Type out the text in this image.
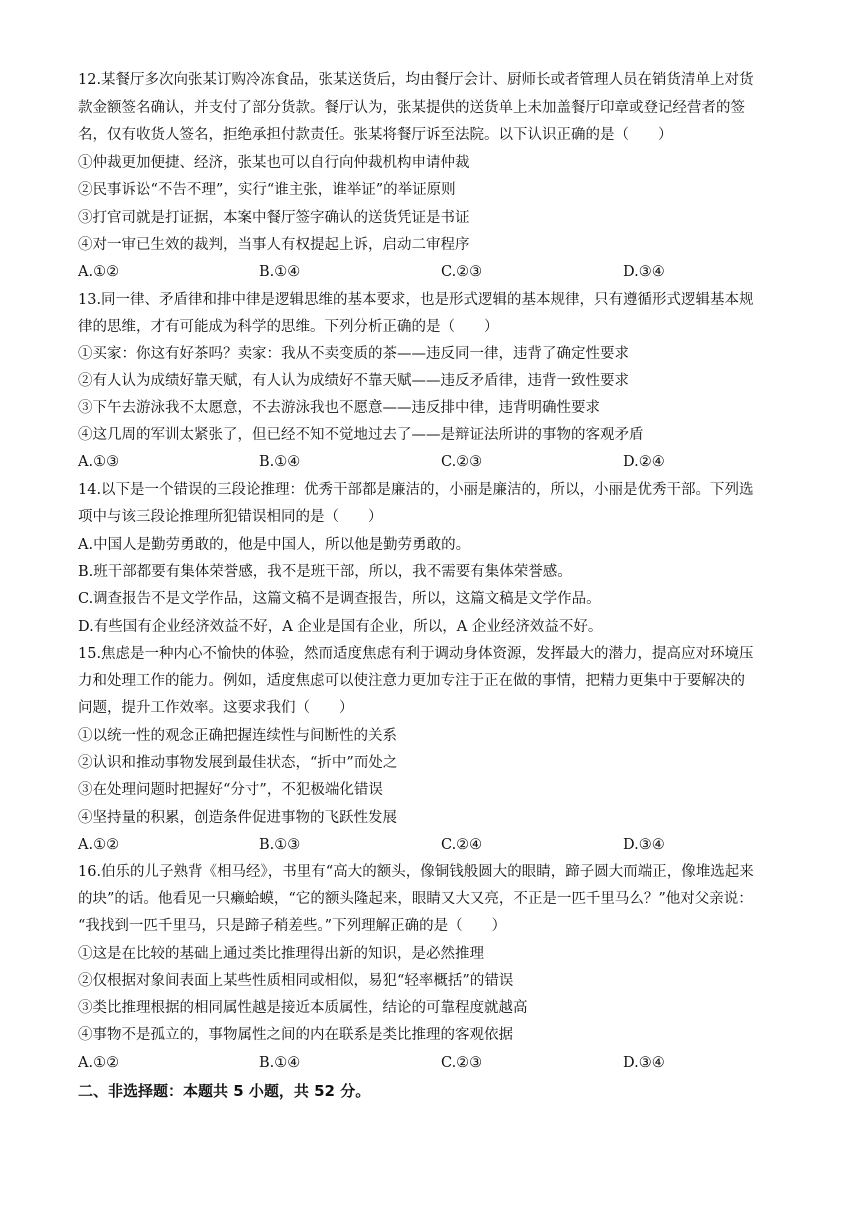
12.某餐厅多次向张某订购冷冻食品，张某送货后，均由餐厅会计、厨师长或者管理人员在销货清单上对货
款金额签名确认，并支付了部分货款。餐厅认为，张某提供的送货单上未加盖餐厅印章或登记经营者的签
名，仅有收货人签名，拒绝承担付款责任。张某将餐厅诉至法院。以下认识正确的是（　　）
①仲裁更加便捷、经济，张某也可以自行向仲裁机构申请仲裁
②民事诉讼“不告不理”，实行“谁主张，谁举证”的举证原则
③打官司就是打证据，本案中餐厅签字确认的送货凭证是书证
④对一审已生效的裁判，当事人有权提起上诉，启动二审程序
A.①②	B.①④	C.②③	D.③④
13.同一律、矛盾律和排中律是逻辑思维的基本要求，也是形式逻辑的基本规律，只有遵循形式逻辑基本规
律的思维，才有可能成为科学的思维。下列分析正确的是（　　）
①买家：你这有好茶吗？卖家：我从不卖变质的茶——违反同一律，违背了确定性要求
②有人认为成绩好靠天赋，有人认为成绩好不靠天赋——违反矛盾律，违背一致性要求
③下午去游泳我不太愿意，不去游泳我也不愿意——违反排中律，违背明确性要求
④这几周的军训太紧张了，但已经不知不觉地过去了——是辩证法所讲的事物的客观矛盾
A.①③	B.①④	C.②③	D.②④
14.以下是一个错误的三段论推理：优秀干部都是廉洁的，小丽是廉洁的，所以，小丽是优秀干部。下列选
项中与该三段论推理所犯错误相同的是（　　）
A.中国人是勤劳勇敢的，他是中国人，所以他是勤劳勇敢的。
B.班干部都要有集体荣誉感，我不是班干部，所以，我不需要有集体荣誉感。
C.调查报告不是文学作品，这篇文稿不是调查报告，所以，这篇文稿是文学作品。
D.有些国有企业经济效益不好，A 企业是国有企业，所以，A 企业经济效益不好。
15.焦虑是一种内心不愉快的体验，然而适度焦虑有利于调动身体资源，发挥最大的潜力，提高应对环境压
力和处理工作的能力。例如，适度焦虑可以使注意力更加专注于正在做的事情，把精力更集中于要解决的
问题，提升工作效率。这要求我们（　　）
①以统一性的观念正确把握连续性与间断性的关系
②认识和推动事物发展到最佳状态，“折中”而处之
③在处理问题时把握好“分寸”，不犯极端化错误
④坚持量的积累，创造条件促进事物的飞跃性发展
A.①②	B.①③	C.②④	D.③④
16.伯乐的儿子熟背《相马经》，书里有“高大的额头，像铜钱般圆大的眼睛，蹄子圆大而端正，像堆选起来
的块”的话。他看见一只癞蛤蟆，“它的额头隆起来，眼睛又大又亮，不正是一匹千里马么？”他对父亲说：
“我找到一匹千里马，只是蹄子稍差些。”下列理解正确的是（　　）
①这是在比较的基础上通过类比推理得出新的知识，是必然推理
②仅根据对象间表面上某些性质相同或相似，易犯“轻率概括”的错误
③类比推理根据的相同属性越是接近本质属性，结论的可靠程度就越高
④事物不是孤立的，事物属性之间的内在联系是类比推理的客观依据
A.①②	B.①④	C.②③	D.③④
二、非选择题：本题共 5 小题，共 52 分。
